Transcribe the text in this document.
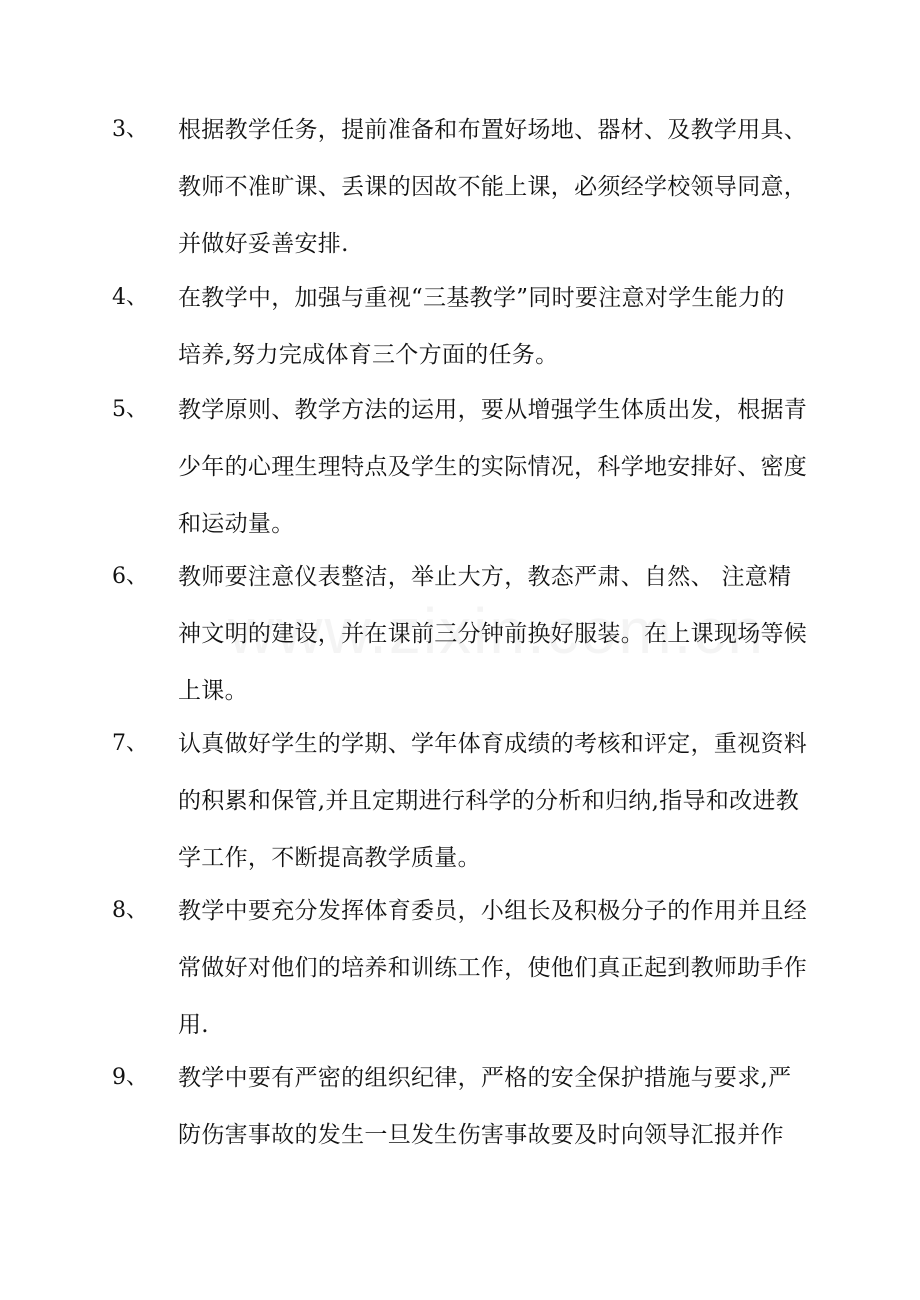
3、 根据教学任务，提前准备和布置好场地、器材、及教学用具、
教师不准旷课、丢课的因故不能上课，必须经学校领导同意，
并做好妥善安排.
4、 在教学中，加强与重视“三基教学”同时要注意对学生能力的
培养,努力完成体育三个方面的任务。
5、 教学原则、教学方法的运用，要从增强学生体质出发，根据青
少年的心理生理特点及学生的实际情况，科学地安排好、密度
和运动量。
6、 教师要注意仪表整洁，举止大方，教态严肃、自然、 注意精
神文明的建设，并在课前三分钟前换好服装。在上课现场等候
上课。
7、 认真做好学生的学期、学年体育成绩的考核和评定，重视资料
的积累和保管,并且定期进行科学的分析和归纳,指导和改进教
学工作，不断提高教学质量。
8、 教学中要充分发挥体育委员，小组长及积极分子的作用并且经
常做好对他们的培养和训练工作，使他们真正起到教师助手作
用.
9、 教学中要有严密的组织纪律，严格的安全保护措施与要求,严
防伤害事故的发生一旦发生伤害事故要及时向领导汇报并作
